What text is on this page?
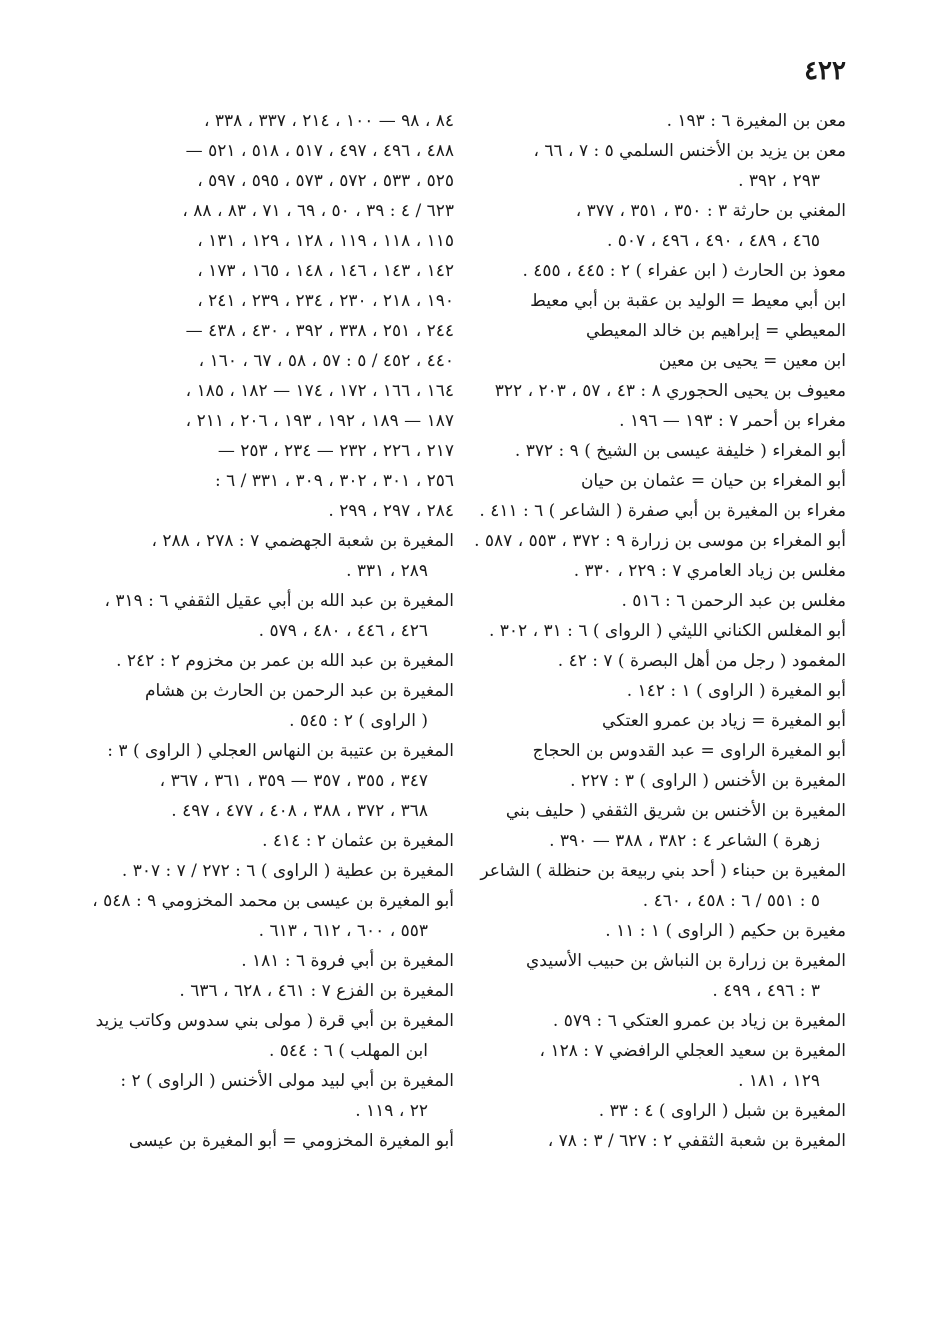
٤٢٢
معن بن المغيرة ٦ : ١٩٣ .
معن بن يزيد بن الأخنس السلمي ٥ : ٧ ، ٦٦ ،
٢٩٣ ، ٣٩٢ .
المغني بن حارثة ٣ : ٣٥٠ ، ٣٥١ ، ٣٧٧ ،
٤٦٥ ، ٤٨٩ ، ٤٩٠ ، ٤٩٦ ، ٥٠٧ .
معوذ بن الحارث ( ابن عفراء ) ٢ : ٤٤٥ ، ٤٥٥ .
ابن أبي معيط = الوليد بن عقبة بن أبي معيط
المعيطي = إبراهيم بن خالد المعيطي
ابن معين = يحيى بن معين
معيوف بن يحيى الحجوري ٨ : ٤٣ ، ٥٧ ، ٢٠٣ ، ٣٢٢
مغراء بن أحمر ٧ : ١٩٣ — ١٩٦ .
أبو المغراء ( خليفة عيسى بن الشيخ ) ٩ : ٣٧٢ .
أبو المغراء بن حيان = عثمان بن حيان
مغراء بن المغيرة بن أبي صفرة ( الشاعر ) ٦ : ٤١١ .
أبو المغراء بن موسى بن زرارة ٩ : ٣٧٢ ، ٥٥٣ ، ٥٨٧ .
مغلس بن زياد العامري ٧ : ٢٢٩ ، ٣٣٠ .
مغلس بن عبد الرحمن ٦ : ٥١٦ .
أبو المغلس الكناني الليثي ( الرواى ) ٦ : ٣١ ، ٣٠٢ .
المغمود ( رجل من أهل البصرة ) ٧ : ٤٢ .
أبو المغيرة ( الراوى ) ١ : ١٤٢ .
أبو المغيرة = زياد بن عمرو العتكي
أبو المغيرة الراوى = عبد القدوس بن الحجاج
المغيرة بن الأخنس ( الراوى ) ٣ : ٢٢٧ .
المغيرة بن الأخنس بن شريق الثقفي ( حليف بني
زهرة ) الشاعر ٤ : ٣٨٢ ، ٣٨٨ — ٣٩٠ .
المغيرة بن حبناء ( أحد بني ربيعة بن حنظلة ) الشاعر
٥ : ٥٥١ / ٦ : ٤٥٨ ، ٤٦٠ .
مغيرة بن حكيم ( الراوى ) ١ : ١١ .
المغيرة بن زرارة بن النباش بن حبيب الأسيدي
٣ : ٤٩٦ ، ٤٩٩ .
المغيرة بن زياد بن عمرو العتكي ٦ : ٥٧٩ .
المغيرة بن سعيد العجلي الرافضي ٧ : ١٢٨ ،
١٢٩ ، ١٨١ .
المغيرة بن شبل ( الراوى ) ٤ : ٣٣ .
المغيرة بن شعبة الثقفي ٢ : ٦٢٧ / ٣ : ٧٨ ،
٨٤ ، ٩٨ — ١٠٠ ، ٢١٤ ، ٣٣٧ ، ٣٣٨ ،
٤٨٨ ، ٤٩٦ ، ٤٩٧ ، ٥١٧ ، ٥١٨ ، ٥٢١ —
٥٢٥ ، ٥٣٣ ، ٥٧٢ ، ٥٧٣ ، ٥٩٥ ، ٥٩٧ ،
٦٢٣ / ٤ : ٣٩ ، ٥٠ ، ٦٩ ، ٧١ ، ٨٣ ، ٨٨ ،
١١٥ ، ١١٨ ، ١١٩ ، ١٢٨ ، ١٢٩ ، ١٣١ ،
١٤٢ ، ١٤٣ ، ١٤٦ ، ١٤٨ ، ١٦٥ ، ١٧٣ ،
١٩٠ ، ٢١٨ ، ٢٣٠ ، ٢٣٤ ، ٢٣٩ ، ٢٤١ ،
٢٤٤ ، ٢٥١ ، ٣٣٨ ، ٣٩٢ ، ٤٣٠ ، ٤٣٨ —
٤٤٠ ، ٤٥٢ / ٥ : ٥٧ ، ٥٨ ، ٦٧ ، ١٦٠ ،
١٦٤ ، ١٦٦ ، ١٧٢ ، ١٧٤ — ١٨٢ ، ١٨٥ ،
١٨٧ — ١٨٩ ، ١٩٢ ، ١٩٣ ، ٢٠٦ ، ٢١١ ،
٢١٧ ، ٢٢٦ ، ٢٣٢ — ٢٣٤ ، ٢٥٣ —
٢٥٦ ، ٣٠١ ، ٣٠٢ ، ٣٠٩ ، ٣٣١ / ٦ :
٢٨٤ ، ٢٩٧ ، ٢٩٩ .
المغيرة بن شعبة الجهضمي ٧ : ٢٧٨ ، ٢٨٨ ،
٢٨٩ ، ٣٣١ .
المغيرة بن عبد الله بن أبي عقيل الثقفي ٦ : ٣١٩ ،
٤٢٦ ، ٤٤٦ ، ٤٨٠ ، ٥٧٩ .
المغيرة بن عبد الله بن عمر بن مخزوم ٢ : ٢٤٢ .
المغيرة بن عبد الرحمن بن الحارث بن هشام
( الراوى ) ٢ : ٥٤٥ .
المغيرة بن عتيبة بن النهاس العجلي ( الراوى ) ٣ :
٣٤٧ ، ٣٥٥ ، ٣٥٧ — ٣٥٩ ، ٣٦١ ، ٣٦٧ ،
٣٦٨ ، ٣٧٢ ، ٣٨٨ ، ٤٠٨ ، ٤٧٧ ، ٤٩٧ .
المغيرة بن عثمان ٢ : ٤١٤ .
المغيرة بن عطية ( الراوى ) ٦ : ٢٧٢ / ٧ : ٣٠٧ .
أبو المغيرة بن عيسى بن محمد المخزومي ٩ : ٥٤٨ ،
٥٥٣ ، ٦٠٠ ، ٦١٢ ، ٦١٣ .
المغيرة بن أبي فروة ٦ : ١٨١ .
المغيرة بن الفزع ٧ : ٤٦١ ، ٦٢٨ ، ٦٣٦ .
المغيرة بن أبي قرة ( مولى بني سدوس وكاتب يزيد
ابن المهلب ) ٦ : ٥٤٤ .
المغيرة بن أبي لبيد مولى الأخنس ( الراوى ) ٢ :
٢٢ ، ١١٩ .
أبو المغيرة المخزومي = أبو المغيرة بن عيسى
